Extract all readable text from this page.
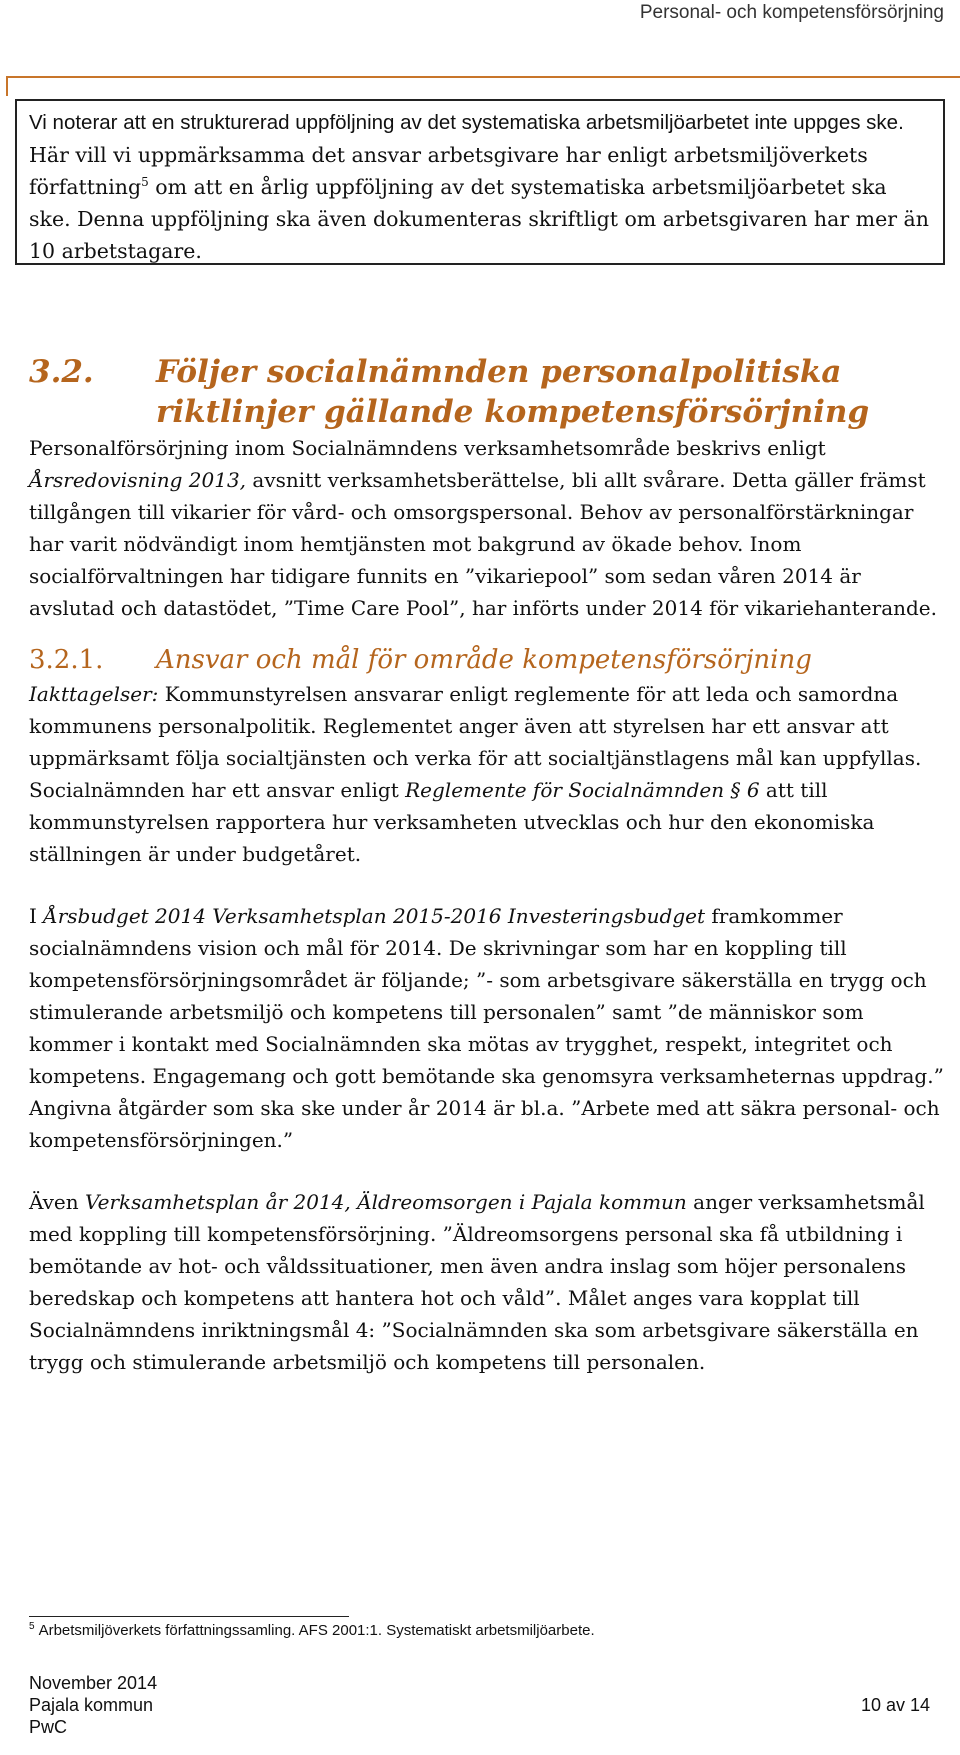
Personal- och kompetensförsörjning

Vi noterar att en strukturerad uppföljning av det systematiska arbetsmiljöarbetet inte uppges ske. Här vill vi uppmärksamma det ansvar arbetsgivare har enligt arbetsmiljöverkets författning$^5$ om att en årlig uppföljning av det systematiska arbetsmiljöarbetet ska ske. Denna uppföljning ska även dokumenteras skriftligt om arbetsgivaren har mer än 10 arbetstagare.

3.2.	Följer socialnämnden personalpolitiska riktlinjer gällande kompetensförsörjning

Personalförsörjning inom Socialnämndens verksamhetsområde beskrivs enligt Årsredovisning 2013, avsnitt verksamhetsberättelse, bli allt svårare. Detta gäller främst tillgången till vikarier för vård- och omsorgspersonal. Behov av personalförstärkningar har varit nödvändigt inom hemtjänsten mot bakgrund av ökade behov. Inom socialförvaltningen har tidigare funnits en ”vikariepool” som sedan våren 2014 är avslutad och datastödet, ”Time Care Pool”, har införts under 2014 för vikariehanterande.

3.2.1.	Ansvar och mål för område kompetensförsörjning

Iakttagelser: Kommunstyrelsen ansvarar enligt reglemente för att leda och samordna kommunens personalpolitik. Reglementet anger även att styrelsen har ett ansvar att uppmärksamt följa socialtjänsten och verka för att socialtjänstlagens mål kan uppfyllas. Socialnämnden har ett ansvar enligt Reglemente för Socialnämnden § 6 att till kommunstyrelsen rapportera hur verksamheten utvecklas och hur den ekonomiska ställningen är under budgetåret.

I Årsbudget 2014 Verksamhetsplan 2015-2016 Investeringsbudget framkommer socialnämndens vision och mål för 2014. De skrivningar som har en koppling till kompetensförsörjningsområdet är följande; ”- som arbetsgivare säkerställa en trygg och stimulerande arbetsmiljö och kompetens till personalen” samt ”de människor som kommer i kontakt med Socialnämnden ska mötas av trygghet, respekt, integritet och kompetens. Engagemang och gott bemötande ska genomsyra verksamheternas uppdrag.” Angivna åtgärder som ska ske under år 2014 är bl.a. ”Arbete med att säkra personal- och kompetensförsörjningen.”

Även Verksamhetsplan år 2014, Äldreomsorgen i Pajala kommun anger verksamhetsmål med koppling till kompetensförsörjning. ”Äldreomsorgens personal ska få utbildning i bemötande av hot- och våldssituationer, men även andra inslag som höjer personalens beredskap och kompetens att hantera hot och våld”. Målet anges vara kopplat till Socialnämndens inriktningsmål 4: ”Socialnämnden ska som arbetsgivare säkerställa en trygg och stimulerande arbetsmiljö och kompetens till personalen.

$^5$ Arbetsmiljöverkets författningssamling. AFS 2001:1. Systematiskt arbetsmiljöarbete.
November 2014
Pajala kommun
PwC
10 av 14
